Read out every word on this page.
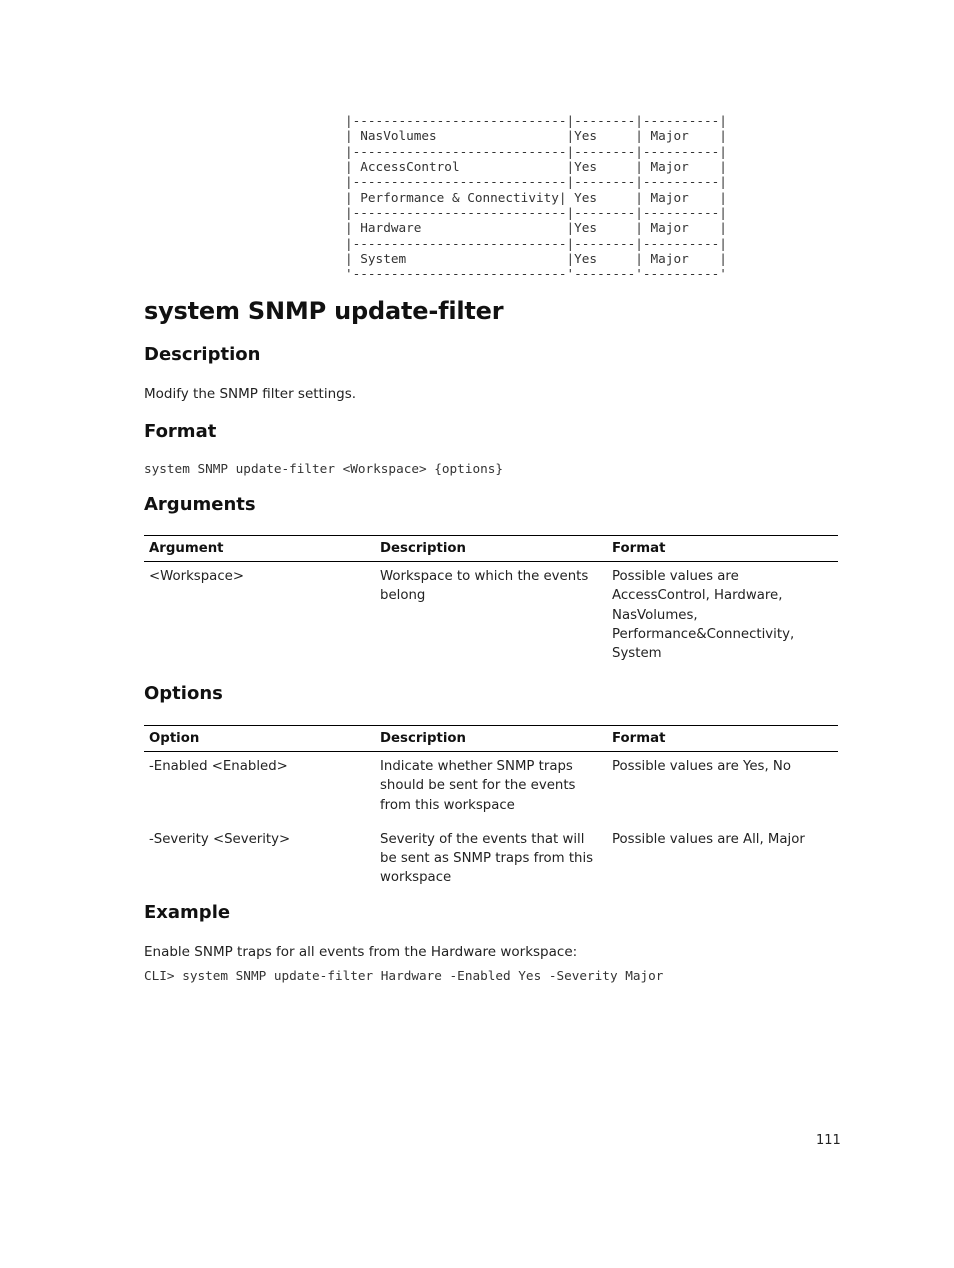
|----------------------------|--------|----------|
| NasVolumes                 |Yes     | Major    |
|----------------------------|--------|----------|
| AccessControl              |Yes     | Major    |
|----------------------------|--------|----------|
| Performance & Connectivity| Yes     | Major    |
|----------------------------|--------|----------|
| Hardware                   |Yes     | Major    |
|----------------------------|--------|----------|
| System                     |Yes     | Major    |
'----------------------------'--------'----------'
system SNMP update-filter
Description
Modify the SNMP filter settings.
Format
system SNMP update-filter <Workspace> {options}
Arguments
Argument	Description	Format
<Workspace>	Workspace to which the events belong	Possible values are AccessControl, Hardware, NasVolumes, Performance&Connectivity, System
Options
Option	Description	Format
-Enabled <Enabled>	Indicate whether SNMP traps should be sent for the events from this workspace	Possible values are Yes, No
-Severity <Severity>	Severity of the events that will be sent as SNMP traps from this workspace	Possible values are All, Major
Example
Enable SNMP traps for all events from the Hardware workspace:
CLI> system SNMP update-filter Hardware -Enabled Yes -Severity Major
111
